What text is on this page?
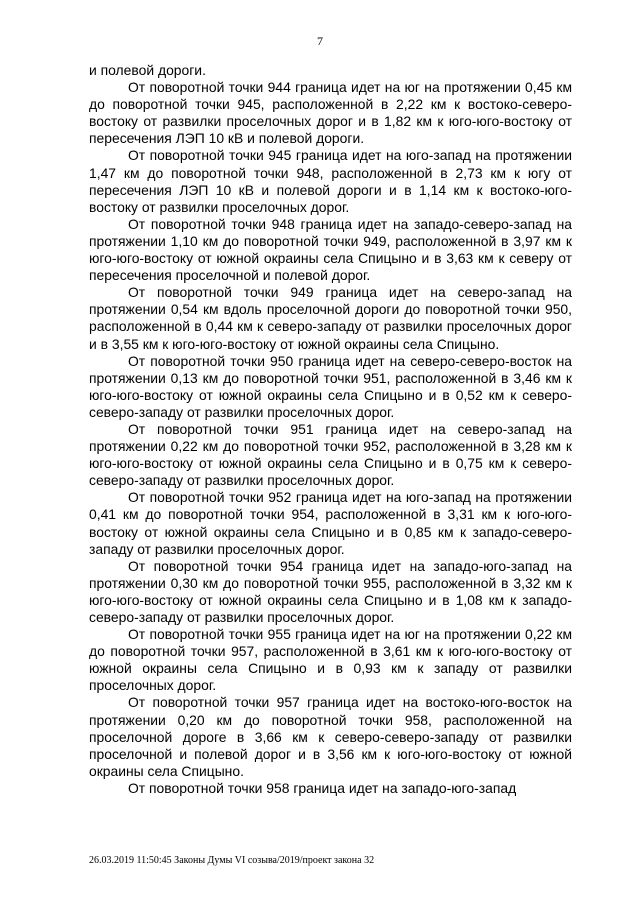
7

и полевой дороги.

От поворотной точки 944 граница идет на юг на протяжении 0,45 км до поворотной точки 945, расположенной в 2,22 км к востоко-северо-востоку от развилки проселочных дорог и в 1,82 км к юго-юго-востоку от пересечения ЛЭП 10 кВ и полевой дороги.

От поворотной точки 945 граница идет на юго-запад на протяжении 1,47 км до поворотной точки 948, расположенной в 2,73 км к югу от пересечения ЛЭП 10 кВ и полевой дороги и в 1,14 км к востоко-юго-востоку от развилки проселочных дорог.

От поворотной точки 948 граница идет на западо-северо-запад на протяжении 1,10 км до поворотной точки 949, расположенной в 3,97 км к юго-юго-востоку от южной окраины села Спицыно и в 3,63 км к северу от пересечения проселочной и полевой дорог.

От поворотной точки 949 граница идет на северо-запад на протяжении 0,54 км вдоль проселочной дороги до поворотной точки 950, расположенной в 0,44 км к северо-западу от развилки проселочных дорог и в 3,55 км к юго-юго-востоку от южной окраины села Спицыно.

От поворотной точки 950 граница идет на северо-северо-восток на протяжении 0,13 км до поворотной точки 951, расположенной в 3,46 км к юго-юго-востоку от южной окраины села Спицыно и в 0,52 км к северо-северо-западу от развилки проселочных дорог.

От поворотной точки 951 граница идет на северо-запад на протяжении 0,22 км до поворотной точки 952, расположенной в 3,28 км к юго-юго-востоку от южной окраины села Спицыно и в 0,75 км к северо-северо-западу от развилки проселочных дорог.

От поворотной точки 952 граница идет на юго-запад на протяжении 0,41 км до поворотной точки 954, расположенной в 3,31 км к юго-юго-востоку от южной окраины села Спицыно и в 0,85 км к западо-северо-западу от развилки проселочных дорог.

От поворотной точки 954 граница идет на западо-юго-запад на протяжении 0,30 км до поворотной точки 955, расположенной в 3,32 км к юго-юго-востоку от южной окраины села Спицыно и в 1,08 км к западо-северо-западу от развилки проселочных дорог.

От поворотной точки 955 граница идет на юг на протяжении 0,22 км до поворотной точки 957, расположенной в 3,61 км к юго-юго-востоку от южной окраины села Спицыно и в 0,93 км к западу от развилки проселочных дорог.

От поворотной точки 957 граница идет на востоко-юго-восток на протяжении 0,20 км до поворотной точки 958, расположенной на проселочной дороге в 3,66 км к северо-северо-западу от развилки проселочной и полевой дорог и в 3,56 км к юго-юго-востоку от южной окраины села Спицыно.

От поворотной точки 958 граница идет на западо-юго-запад

26.03.2019 11:50:45 Законы Думы VI созыва/2019/проект закона 32
